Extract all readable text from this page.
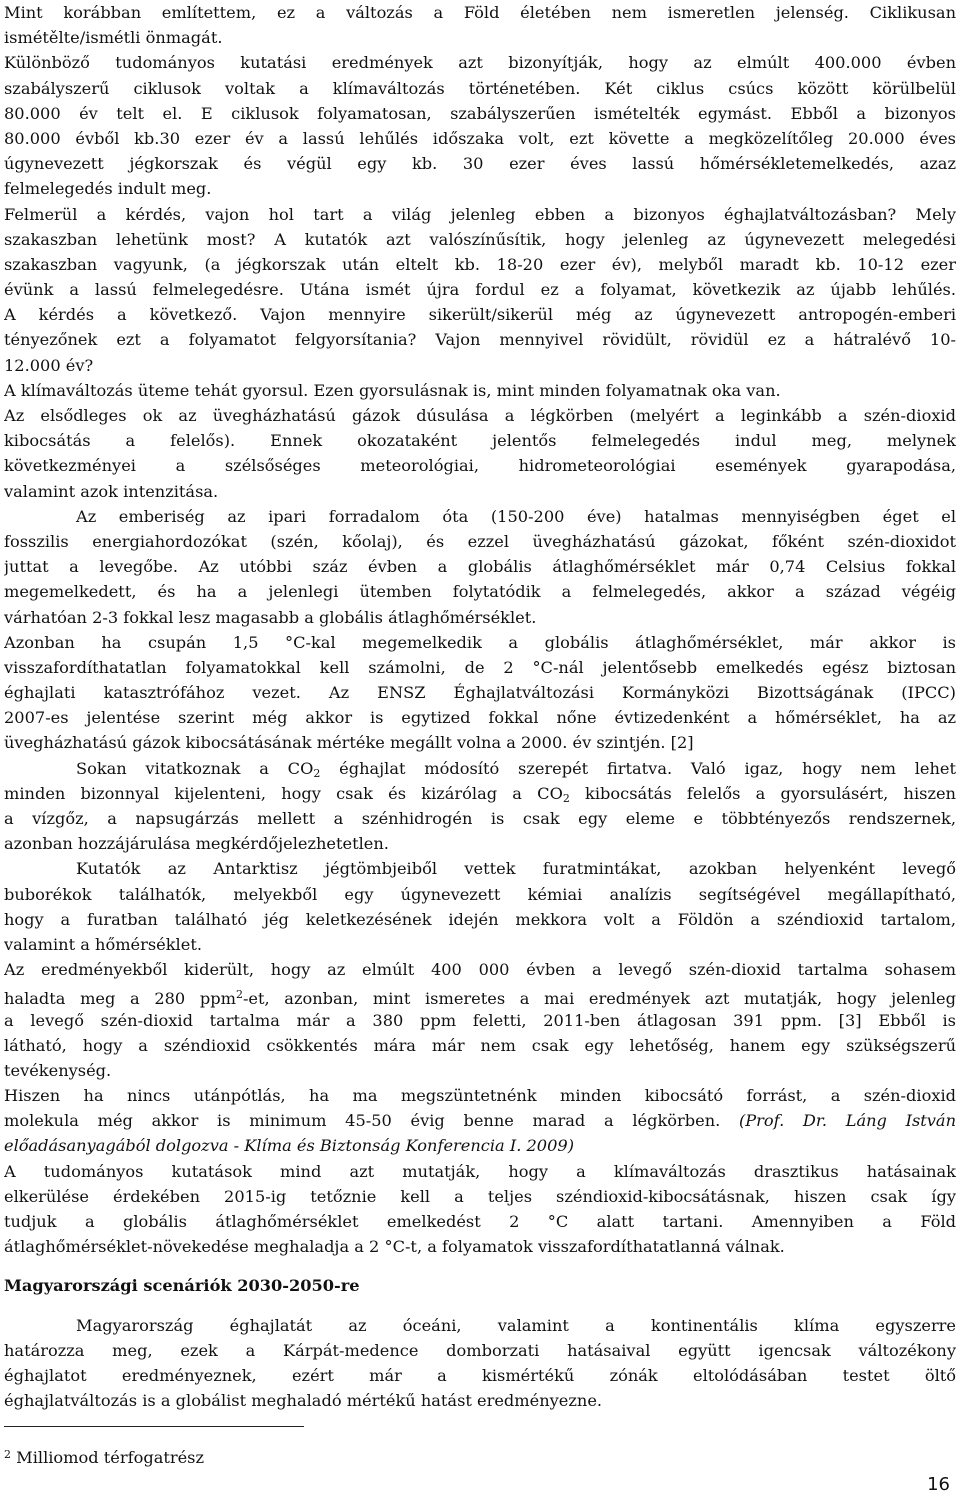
Mint korábban említettem, ez a változás a Föld életében nem ismeretlen jelenség. Ciklikusan
ismétělte/ismétli önmagát.
Különböző tudományos kutatási eredmények azt bizonyítják, hogy az elmúlt 400.000 évben
szabályszerű ciklusok voltak a klímaváltozás történetében. Két ciklus csúcs között körülbelül
80.000 év telt el. E ciklusok folyamatosan, szabályszerűen ismételték egymást. Ebből a bizonyos
80.000 évből kb.30 ezer év a lassú lehűlés időszaka volt, ezt követte a megközelítőleg 20.000 éves
úgynevezett jégkorszak és végül egy kb. 30 ezer éves lassú hőmérsékletemelkedés, azaz
felmelegedés indult meg.
Felmerül a kérdés, vajon hol tart a világ jelenleg ebben a bizonyos éghajlatváltozásban? Mely
szakaszban lehetünk most? A kutatók azt valószínűsítik, hogy jelenleg az úgynevezett melegedési
szakaszban vagyunk, (a jégkorszak után eltelt kb. 18-20 ezer év), melyből maradt kb. 10-12 ezer
évünk a lassú felmelegedésre. Utána ismét újra fordul ez a folyamat, következik az újabb lehűlés.
A kérdés a következő. Vajon mennyire sikerült/sikerül még az úgynevezett antropogén-emberi
tényezőnek ezt a folyamatot felgyorsítania? Vajon mennyivel rövidült, rövidül ez a hátralévő 10-
12.000 év?
A klímaváltozás üteme tehát gyorsul. Ezen gyorsulásnak is, mint minden folyamatnak oka van.
Az elsődleges ok az üvegházhatású gázok dúsulása a légkörben (melyért a leginkább a szén-dioxid
kibocsátás a felelős). Ennek okozataként jelentős felmelegedés indul meg, melynek
következményei a szélsőséges meteorológiai, hidrometeorológiai események gyarapodása,
valamint azok intenzitása.
Az emberiség az ipari forradalom óta (150-200 éve) hatalmas mennyiségben éget el
fosszilis energiahordozókat (szén, kőolaj), és ezzel üvegházhatású gázokat, főként szén-dioxidot
juttat a levegőbe. Az utóbbi száz évben a globális átlaghőmérséklet már 0,74 Celsius fokkal
megemelkedett, és ha a jelenlegi ütemben folytatódik a felmelegedés, akkor a század végéig
várhatóan 2-3 fokkal lesz magasabb a globális átlaghőmérséklet.
Azonban ha csupán 1,5 °C-kal megemelkedik a globális átlaghőmérséklet, már akkor is
visszafordíthatatlan folyamatokkal kell számolni, de 2 °C-nál jelentősebb emelkedés egész biztosan
éghajlati katasztrófához vezet. Az ENSZ Éghajlatváltozási Kormányközi Bizottságának (IPCC)
2007-es jelentése szerint még akkor is egytized fokkal nőne évtizedenként a hőmérséklet, ha az
üvegházhatású gázok kibocsátásának mértéke megállt volna a 2000. év szintjén. [2]
Sokan vitatkoznak a $CO_2$ éghajlat módosító szerepét firtatva. Való igaz, hogy nem lehet
minden bizonnyal kijelenteni, hogy csak és kizárólag a $CO_2$ kibocsátás felelős a gyorsulásért, hiszen
a vízgőz, a napsugárzás mellett a szénhidrogén is csak egy eleme e többtényezős rendszernek,
azonban hozzájárulása megkérdőjelezhetetlen.
Kutatók az Antarktisz jégtömbjeiből vettek furatmintákat, azokban helyenként levegő
buborékok találhatók, melyekből egy úgynevezett kémiai analízis segítségével megállapítható,
hogy a furatban található jég keletkezésének idején mekkora volt a Földön a széndioxid tartalom,
valamint a hőmérséklet.
Az eredményekből kiderült, hogy az elmúlt 400 000 évben a levegő szén-dioxid tartalma sohasem
haladta meg a 280 ppm$^2$-et, azonban, mint ismeretes a mai eredmények azt mutatják, hogy jelenleg
a levegő szén-dioxid tartalma már a 380 ppm feletti, 2011-ben átlagosan 391 ppm. [3] Ebből is
látható, hogy a széndioxid csökkentés mára már nem csak egy lehetőség, hanem egy szükségszerű
tevékenység.
Hiszen ha nincs utánpótlás, ha ma megszüntetnénk minden kibocsátó forrást, a szén-dioxid
molekula még akkor is minimum 45-50 évig benne marad a légkörben. (Prof. Dr. Láng István
előadásanyagából dolgozva - Klíma és Biztonság Konferencia I. 2009)
A tudományos kutatások mind azt mutatják, hogy a klímaváltozás drasztikus hatásainak
elkerülése érdekében 2015-ig tetőznie kell a teljes széndioxid-kibocsátásnak, hiszen csak így
tudjuk a globális átlaghőmérséklet emelkedést 2 °C alatt tartani. Amennyiben a Föld
átlaghőmérséklet-növekedése meghaladja a 2 °C-t, a folyamatok visszafordíthatatlanná válnak.
Magyarországi scenáriók 2030-2050-re
Magyarország éghajlatát az óceáni, valamint a kontinentális klíma egyszerre
határozza meg, ezek a Kárpát-medence domborzati hatásaival együtt igencsak változékony
éghajlatot eredményeznek, ezért már a kismértékű zónák eltolódásában testet öltő
éghajlatváltozás is a globálist meghaladó mértékű hatást eredményezne.
$^2$ Milliomod térfogatrész
16
